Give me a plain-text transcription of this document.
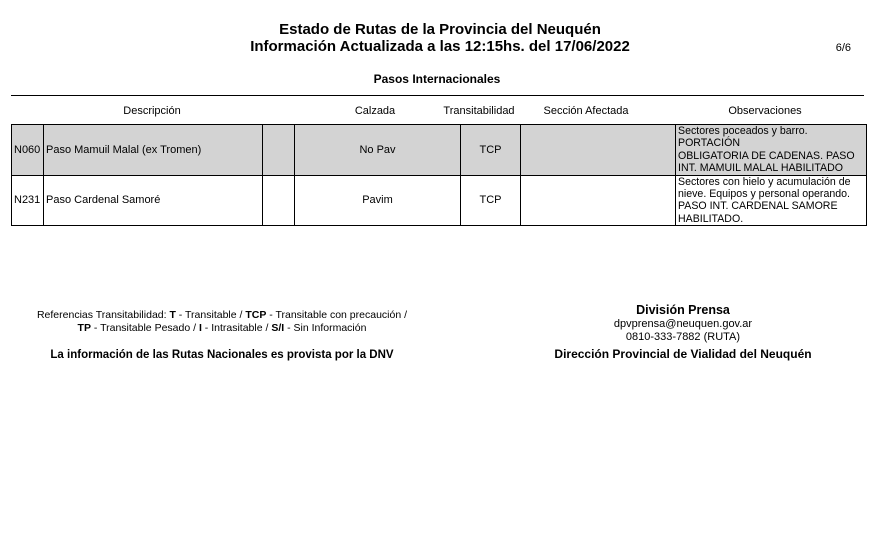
Estado de Rutas de la Provincia del Neuquén
Información Actualizada a las 12:15hs. del 17/06/2022	6/6
Pasos Internacionales
Descripción	Calzada	Transitabilidad	Sección Afectada	Observaciones
N060	Paso Mamuil Malal (ex Tromen)		No Pav	TCP		Sectores poceados y barro. PORTACIÓN
OBLIGATORIA DE CADENAS. PASO
INT. MAMUIL MALAL HABILITADO

N231	Paso Cardenal Samoré		Pavim	TCP		Sectores con hielo y acumulación de
nieve. Equipos y personal operando.
PASO INT. CARDENAL SAMORE
HABILITADO.
Referencias Transitabilidad: T - Transitable / TCP - Transitable con precaución /
TP - Transitable Pesado / I - Intrasitable / S/I - Sin Información
La información de las Rutas Nacionales es provista por la DNV
División Prensa
dpvprensa@neuquen.gov.ar
0810-333-7882 (RUTA)
Dirección Provincial de Vialidad del Neuquén
